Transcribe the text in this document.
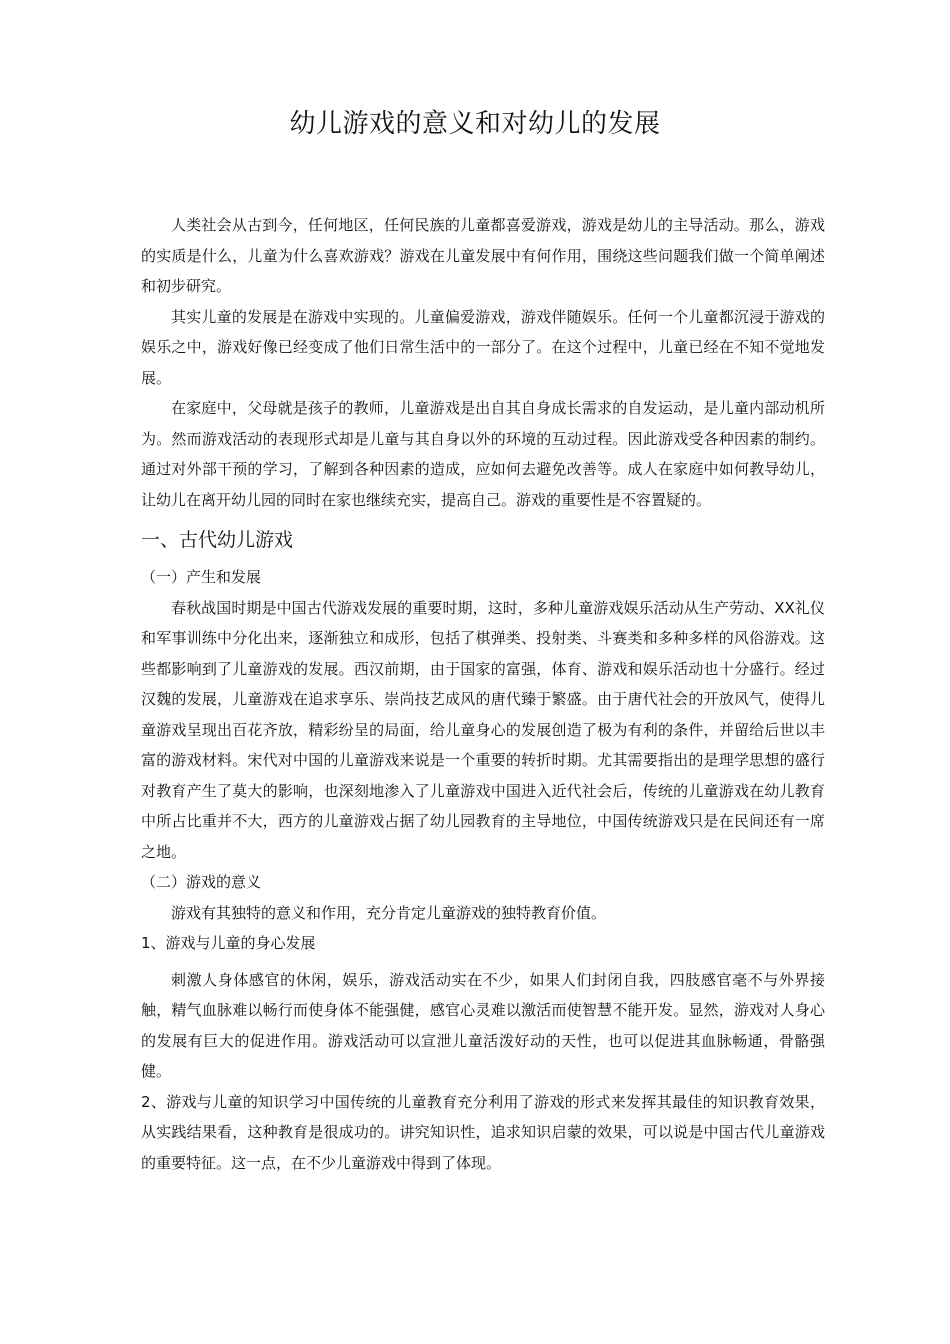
幼儿游戏的意义和对幼儿的发展

人类社会从古到今，任何地区，任何民族的儿童都喜爱游戏，游戏是幼儿的主导活动。那么，游戏的实质是什么，儿童为什么喜欢游戏？游戏在儿童发展中有何作用，围绕这些问题我们做一个简单阐述和初步研究。

其实儿童的发展是在游戏中实现的。儿童偏爱游戏，游戏伴随娱乐。任何一个儿童都沉浸于游戏的娱乐之中，游戏好像已经变成了他们日常生活中的一部分了。在这个过程中，儿童已经在不知不觉地发展。

在家庭中，父母就是孩子的教师，儿童游戏是出自其自身成长需求的自发运动，是儿童内部动机所为。然而游戏活动的表现形式却是儿童与其自身以外的环境的互动过程。因此游戏受各种因素的制约。通过对外部干预的学习，了解到各种因素的造成，应如何去避免改善等。成人在家庭中如何教导幼儿，让幼儿在离开幼儿园的同时在家也继续充实，提高自己。游戏的重要性是不容置疑的。

一、古代幼儿游戏
（一）产生和发展

春秋战国时期是中国古代游戏发展的重要时期，这时，多种儿童游戏娱乐活动从生产劳动、XX礼仪和军事训练中分化出来，逐渐独立和成形，包括了棋弹类、投射类、斗赛类和多种多样的风俗游戏。这些都影响到了儿童游戏的发展。西汉前期，由于国家的富强，体育、游戏和娱乐活动也十分盛行。经过汉魏的发展，儿童游戏在追求享乐、崇尚技艺成风的唐代臻于繁盛。由于唐代社会的开放风气，使得儿童游戏呈现出百花齐放，精彩纷呈的局面，给儿童身心的发展创造了极为有利的条件，并留给后世以丰富的游戏材料。宋代对中国的儿童游戏来说是一个重要的转折时期。尤其需要指出的是理学思想的盛行对教育产生了莫大的影响，也深刻地渗入了儿童游戏中国进入近代社会后，传统的儿童游戏在幼儿教育中所占比重并不大，西方的儿童游戏占据了幼儿园教育的主导地位，中国传统游戏只是在民间还有一席之地。

（二）游戏的意义

游戏有其独特的意义和作用，充分肯定儿童游戏的独特教育价值。

1、游戏与儿童的身心发展

刺激人身体感官的休闲，娱乐，游戏活动实在不少，如果人们封闭自我，四肢感官毫不与外界接触，精气血脉难以畅行而使身体不能强健，感官心灵难以激活而使智慧不能开发。显然，游戏对人身心的发展有巨大的促进作用。游戏活动可以宣泄儿童活泼好动的天性，也可以促进其血脉畅通，骨骼强健。

2、游戏与儿童的知识学习中国传统的儿童教育充分利用了游戏的形式来发挥其最佳的知识教育效果，从实践结果看，这种教育是很成功的。讲究知识性，追求知识启蒙的效果，可以说是中国古代儿童游戏的重要特征。这一点，在不少儿童游戏中得到了体现。
